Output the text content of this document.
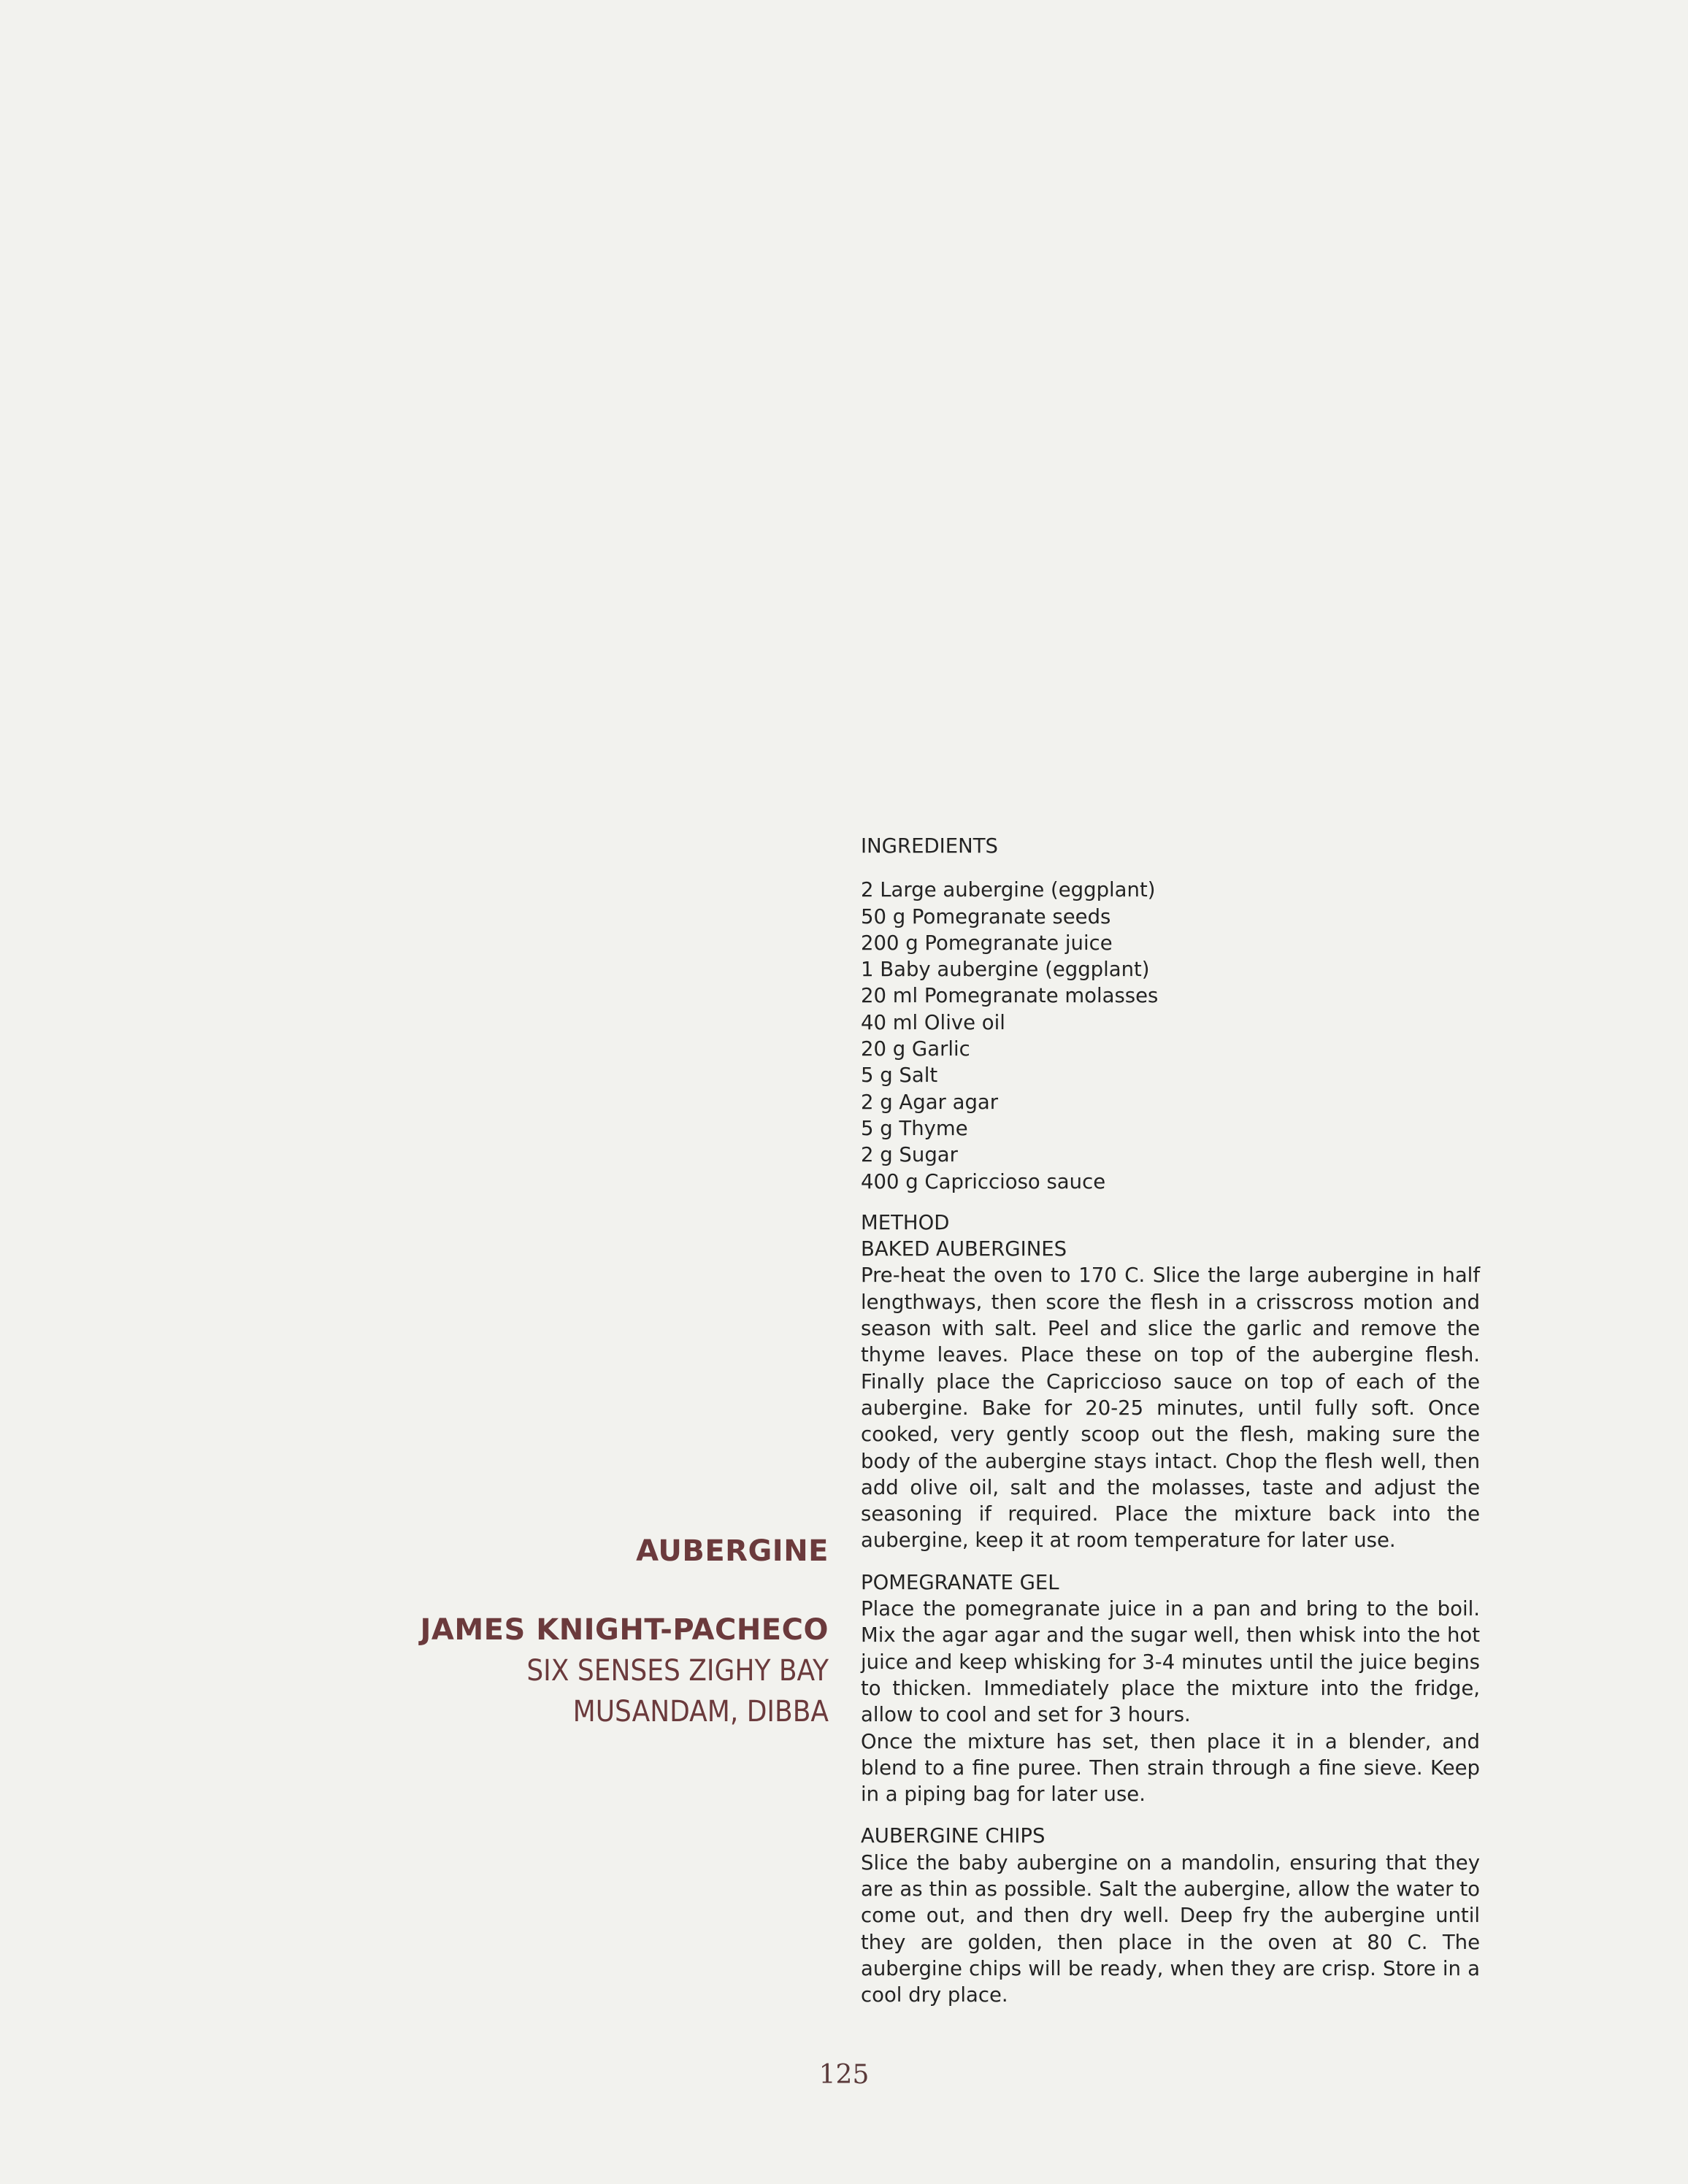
AUBERGINE

JAMES KNIGHT-PACHECO

SIX SENSES ZIGHY BAY

MUSANDAM, DIBBA

INGREDIENTS

2 Large aubergine (eggplant)
50 g Pomegranate seeds
200 g Pomegranate juice
1 Baby aubergine (eggplant)
20 ml Pomegranate molasses
40 ml Olive oil
20 g Garlic
5 g Salt
2 g Agar agar
5 g Thyme
2 g Sugar
400 g Capriccioso sauce

METHOD

BAKED AUBERGINES

Pre-heat the oven to 170 C. Slice the large aubergine in half lengthways, then score the flesh in a crisscross motion and season with salt. Peel and slice the garlic and remove the thyme leaves. Place these on top of the aubergine flesh. Finally place the Capriccioso sauce on top of each of the aubergine. Bake for 20-25 minutes, until fully soft. Once cooked, very gently scoop out the flesh, making sure the body of the aubergine stays intact. Chop the flesh well, then add olive oil, salt and the molasses, taste and adjust the seasoning if required. Place the mixture back into the aubergine, keep it at room temperature for later use.

POMEGRANATE GEL

Place the pomegranate juice in a pan and bring to the boil. Mix the agar agar and the sugar well, then whisk into the hot juice and keep whisking for 3-4 minutes until the juice begins to thicken. Immediately place the mixture into the fridge, allow to cool and set for 3 hours.

Once the mixture has set, then place it in a blender, and blend to a fine puree. Then strain through a fine sieve. Keep in a piping bag for later use.

AUBERGINE CHIPS

Slice the baby aubergine on a mandolin, ensuring that they are as thin as possible. Salt the aubergine, allow the water to come out, and then dry well. Deep fry the aubergine until they are golden, then place in the oven at 80 C. The aubergine chips will be ready, when they are crisp. Store in a cool dry place.

125
